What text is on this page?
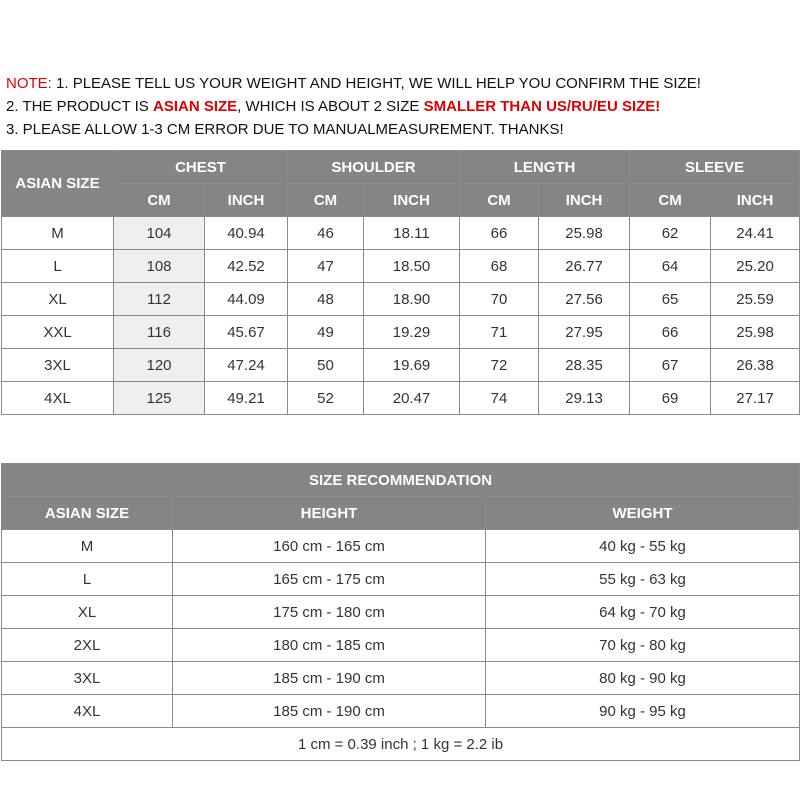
NOTE: 1. PLEASE TELL US YOUR WEIGHT AND HEIGHT, WE WILL HELP YOU CONFIRM THE SIZE!
2. THE PRODUCT IS ASIAN SIZE, WHICH IS ABOUT 2 SIZE SMALLER THAN US/RU/EU SIZE!
3. PLEASE ALLOW 1-3 CM ERROR DUE TO MANUALMEASUREMENT. THANKS!
ASIAN SIZE	CHEST		SHOULDER		LENGTH		SLEEVE	
	CM	INCH	CM	INCH	CM	INCH	CM	INCH
M	104	40.94	46	18.11	66	25.98	62	24.41
L	108	42.52	47	18.50	68	26.77	64	25.20
XL	112	44.09	48	18.90	70	27.56	65	25.59
XXL	116	45.67	49	19.29	71	27.95	66	25.98
3XL	120	47.24	50	19.69	72	28.35	67	26.38
4XL	125	49.21	52	20.47	74	29.13	69	27.17
SIZE RECOMMENDATION		
ASIAN SIZE	HEIGHT	WEIGHT
M	160 cm - 165 cm	40 kg - 55 kg
L	165 cm - 175 cm	55 kg - 63 kg
XL	175 cm - 180 cm	64 kg - 70 kg
2XL	180 cm - 185 cm	70 kg - 80 kg
3XL	185 cm - 190 cm	80 kg - 90 kg
4XL	185 cm - 190 cm	90 kg - 95 kg
1 cm = 0.39 inch ; 1 kg = 2.2 ib		
